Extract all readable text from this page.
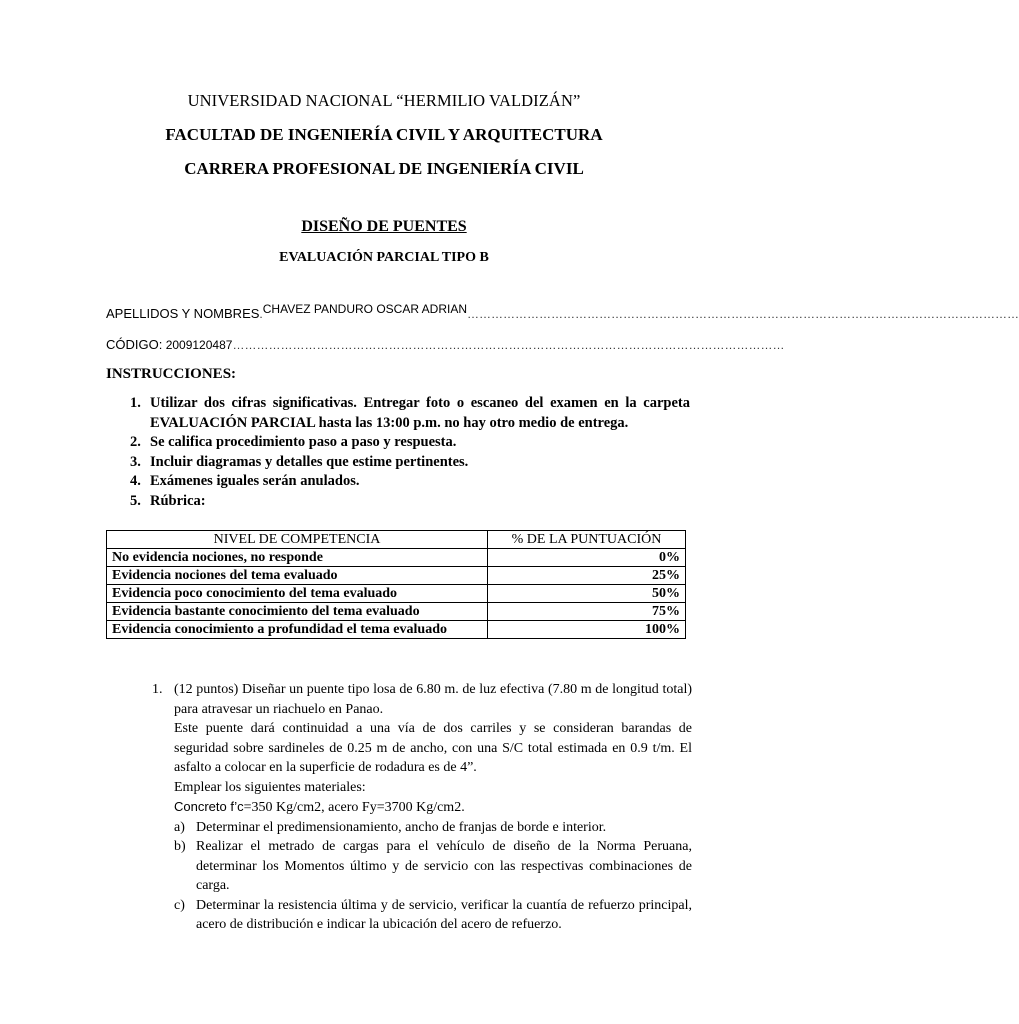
UNIVERSIDAD NACIONAL “HERMILIO VALDIZÁN”
FACULTAD DE INGENIERÍA CIVIL Y ARQUITECTURA
CARRERA PROFESIONAL DE INGENIERÍA CIVIL
DISEÑO DE PUENTES
EVALUACIÓN PARCIAL TIPO B
APELLIDOS Y NOMBRES.CHAVEZ PANDURO OSCAR ADRIAN…………………………………………………………………………………………………………………………
CÓDIGO: 2009120487…………………………………………………………………………………………………………………………
INSTRUCCIONES:
1. Utilizar dos cifras significativas. Entregar foto o escaneo del examen en la carpeta EVALUACIÓN PARCIAL hasta las 13:00 p.m. no hay otro medio de entrega.
2. Se califica procedimiento paso a paso y respuesta.
3. Incluir diagramas y detalles que estime pertinentes.
4. Exámenes iguales serán anulados.
5. Rúbrica:
NIVEL DE COMPETENCIA	% DE LA PUNTUACIÓN
No evidencia nociones, no responde	0%
Evidencia nociones del tema evaluado	25%
Evidencia poco conocimiento del tema evaluado	50%
Evidencia bastante conocimiento del tema evaluado	75%
Evidencia conocimiento a profundidad el tema evaluado	100%
1. (12 puntos) Diseñar un puente tipo losa de 6.80 m. de luz efectiva (7.80 m de longitud total) para atravesar un riachuelo en Panao.
Este puente dará continuidad a una vía de dos carriles y se consideran barandas de seguridad sobre sardineles de 0.25 m de ancho, con una S/C total estimada en 0.9 t/m. El asfalto a colocar en la superficie de rodadura es de 4”.
Emplear los siguientes materiales:
Concreto f’c=350 Kg/cm2, acero Fy=3700 Kg/cm2.
a) Determinar el predimensionamiento, ancho de franjas de borde e interior.
b) Realizar el metrado de cargas para el vehículo de diseño de la Norma Peruana, determinar los Momentos último y de servicio con las respectivas combinaciones de carga.
c) Determinar la resistencia última y de servicio, verificar la cuantía de refuerzo principal, acero de distribución e indicar la ubicación del acero de refuerzo.
